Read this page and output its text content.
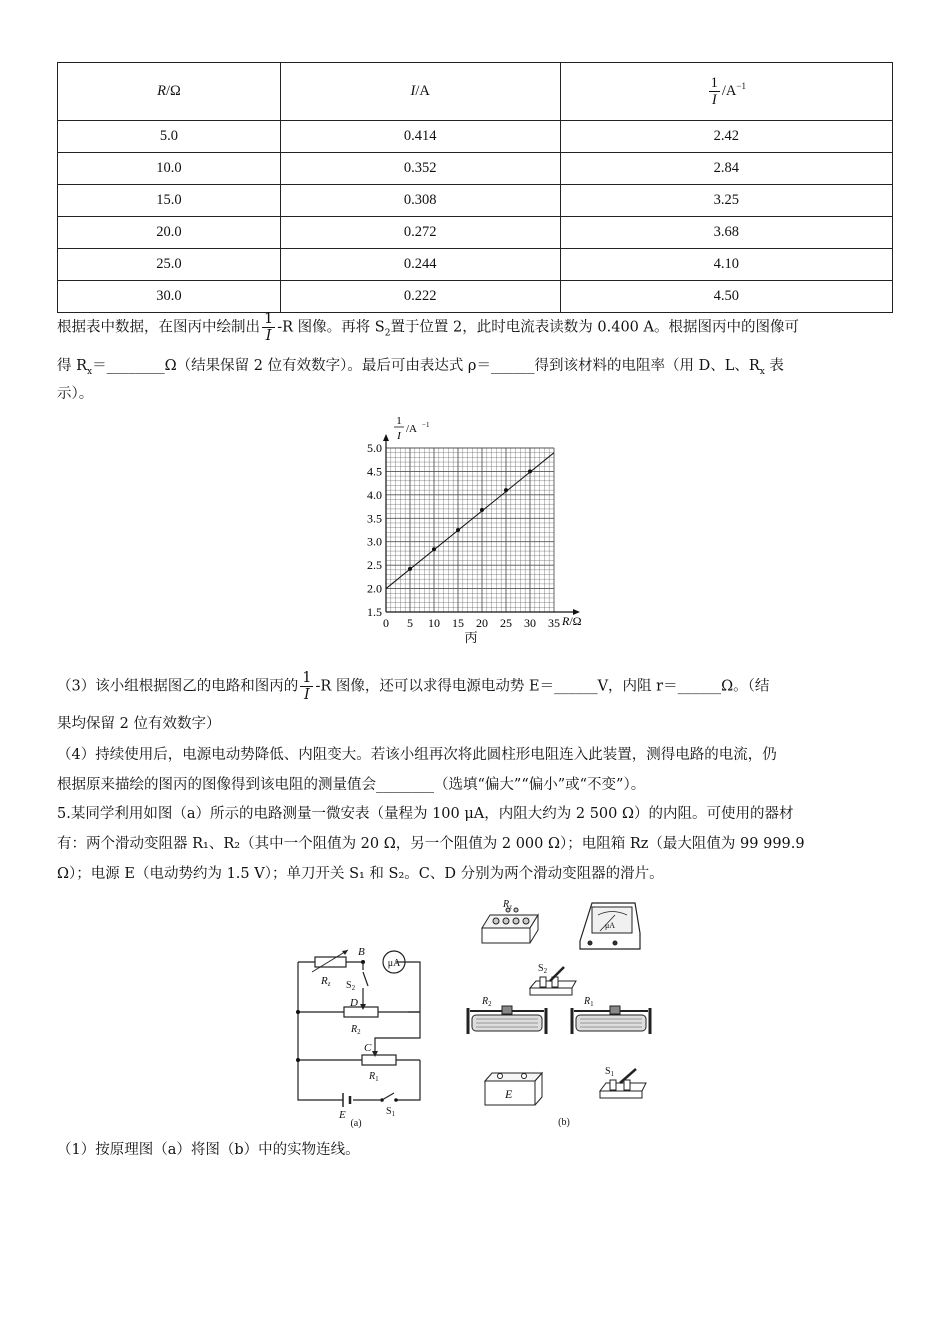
R/Ω	I/A	$\frac{1}{I} /A^{-1}$
5.0	0.414	2.42
10.0	0.352	2.84
15.0	0.308	3.25
20.0	0.272	3.68
25.0	0.244	4.10
30.0	0.222	4.50
根据表中数据，在图丙中绘制出 $\frac{1}{I} -R$ 图像。再将 $S_2$置于位置 2，此时电流表读数为 0.400 A。根据图丙中的图像可
得 $R_x=\_\_\_\_\_\_\_\_\Omega$（结果保留 2 位有效数字）。最后可由表达式 ρ＝______得到该材料的电阻率（用 D、L、$R_x$ 表
示）。
0 5 10 15 20 25 30 35
1.5
2.0
2.5
3.0
3.5
4.0
4.5
5.0
1
I
/A −1
R/Ω
丙
（3）该小组根据图乙的电路和图丙的 $\frac{1}{I} -R$ 图像，还可以求得电源电动势 E＝______V，内阻 r＝______Ω。（结
果均保留 2 位有效数字）
（4）持续使用后，电源电动势降低、内阻变大。若该小组再次将此圆柱形电阻连入此装置，测得电路的电流，仍
根据原来描绘的图丙的图像得到该电阻的测量值会________（选填“偏大”“偏小”或“不变”）。
5.某同学利用如图（a）所示的电路测量一微安表（量程为 100 μA，内阻大约为 2 500 Ω）的内阻。可使用的器材
有：两个滑动变阻器 R₁、R₂（其中一个阻值为 20 Ω，另一个阻值为 2 000 Ω）；电阻箱 Rz（最大阻值为 99 999.9
Ω）；电源 E（电动势约为 1.5 V）；单刀开关 S₁ 和 S₂。C、D 分别为两个滑动变阻器的滑片。
μA
Rz
B
D
C
E
$S_2$
$R_2$
$R_1$
$S_1$
(a)
$R_z$
μA
$S_2$
$R_2$	$R_1$
E
$S_1$
(b)
（1）按原理图（a）将图（b）中的实物连线。
